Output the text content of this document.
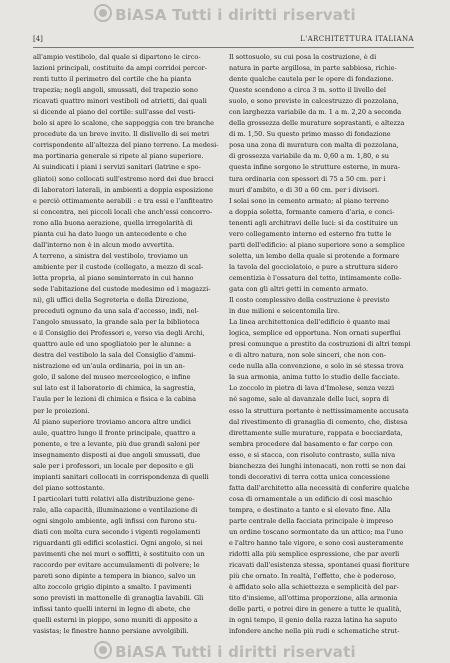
BiASA Tutti i diritti riservati
[4]	L'ARCHITETTURA ITALIANA
all'ampio vestibolo, dal quale si dipartono le circo-
lazioni principali, costituite da ampi corridoi percor-
renti tutto il perimetro del cortile che ha pianta
trapezia; negli angoli, smussati, del trapezio sono
ricavati quattro minori vestiboli od atrietti, dai quali
si dicende al piano del cortile: sull'asse del vesti-
bolo si apre lo scalone, che sappoggia con tre branche
procedute da un breve invito. Il dislivello di sei metri
corrispondente all'altezza del piano terreno. La medesi-
ma portinaria generale si ripete al piano superiore.
Ai suindicati i piani i servizi sanitari (latrine e spo-
gliatoi) sono collocati sull'estremo nord dei due bracci
di laboratori laterali, in ambienti a doppia esposizione
e perciò ottimamente aerabili : e tra essi e l'anfiteatro
si concentra, nei piccoli locali che anch'essi concorro-
rono alla buona aerazione, quella irregolarità di
pianta cui ha dato luogo un antecedente e che
dall'interno non è in alcun modo avvertita.
A terreno, a sinistra del vestibolo, troviamo un
ambiente per il custode (collegato, a mezzo di scal-
letta propria, al piano seminterrato in cui hanno
sede l'abitazione del custode medesimo ed i magazzi-
ni), gli uffici della Segreteria e della Direzione,
preceduti ognuno da una sala d'accesso, indi, nel-
l'angolo smussato, la grande sala per la biblioteca
e il Consiglio dei Professori e, verso via degli Archi,
quattro aule ed uno spogliatoio per le alunne: a
destra del vestibolo la sala del Consiglio d'ammi-
nistrazione ed un'aula ordinaria, poi in un an-
golo, il salone del museo merceologico, e infine
sul lato est il laboratorio di chimica, la sagrestia,
l'aula per le lezioni di chimica e fisica e la cabina
per le proiezioni.
Al piano superiore troviamo ancora altre undici
aule, quattro lungo il fronte principale, quattro a
ponente, e tre a levante, più due grandi saloni per
insegnamento disposti ai due angoli smussati, due
sale per i professori, un locale per deposito e gli
impianti sanitari collocati in corrispondenza di quelli
del piano sottostante.
I particolari tutti relativi alla distribuzione gene-
rale, alla capacità, illuminazione e ventilazione di
ogni singolo ambiente, agli infissi con furono stu-
diati con molta cura secondo i vigenti regolamenti
riguardanti gli edifici scolastici. Ogni angolo, si nei
pavimenti che nei muri o soffitti, è sostituito con un
raccordo per evitare accumulamenti di polvere; le
pareti sono dipinte a tempera in bianco, salvo un
alto zoccolo grigio dipinto a smalto. I pavimenti
sono previsti in mattonelle di granaglia lavabili. Gli
infissi tanto quelli interni in legno di abete, che
quelli esterni in pioppo, sono muniti di apposito a
vasistas; le finestre hanno persiane avvolgibili.
Il sottosuolo, su cui posa la costruzione, è di
natura in parte argillosa, in parte sabbiosa, richie-
dente qualche cautela per le opere di fondazione.
Queste scendono a circa 3 m. sotto il livello del
suolo, e sono previste in calcestruzzo di pozzolana,
con larghezza variabile da m. 1 a m. 2,20 a seconda
della grossezza delle murature soprastanti, e altezza
di m. 1,50. Su questo primo masso di fondazione
posa una zona di muratura con malta di pozzolana,
di grossezza variabile da m. 0,60 a m. 1,80, e su
questa infine sorgono le strutture esterne, in mura-
tura ordinaria con spessori di 75 a 50 cm. per i
muri d'ambito, e di 30 a 60 cm. per i divisori.
I solai sono in cemento armato; al piano terreno
a doppia soletta, formante camera d'aria, e conci-
tenenti agli architravi delle luci: si da costituire un
vero collegamento interno ed esterno fra tutte le
parti dell'edificio: al piano superiore sono a semplice
soletta, un lembo della quale si protende a formare
la tavola del gocciolatoio, e pure a struttura sidero
cementizia è l'ossatura del tetto, intimamente colle-
gata con gli altri getti in cemento armato.
Il costo complessivo della costruzione è previsto
in due milioni e seicentomila lire.
La linea architettonica dell'edificio è quanto mai
logica, semplice ed opportuna. Non ornati superflui
presi comunque a prestito da costruzioni di altri tempi
e di altro natura, non sole sinceri, che non con-
cede nulla alla convenzione, e solo in sé stessa trova
la sua armonia, anima tutto lo studio delle facciate.
Lo zoccolo in pietra di lava d'Imolese, senza vezzi
né sagome, sale al davanzale delle luci, sopra di
esso la struttura portante è nettissimamente accusata
dal rivestimento di granaglia di cemento, che, distesa
direttamente sulle murature, rappata e bocciardata,
sembra procedere dal basamento e far corpo con
esso, e si stacca, con risoluto contrasto, sulla niva
bianchezza dei lunghi intonacati, non rotti se non dai
tondi decorativi di terra cotta unica concessione
fatta dall'architetto alla necessità di conferire qualche
cosa di ornamentale a un edificio di così maschio
tempra, e destinato a tanto e sì elevato fine. Alla
parte centrale della facciata principale è impreso
un ordine toscano sormontato da un attico; ma l'uno
e l'altro hanno tale vigore, e sono così austeramente
ridotti alla più semplice espressione, che par averli
ricavati dall'esistenza stessa, spontanei quasi fioriture
più che ornato. In realtà, l'effetto, che è poderoso,
è affidato solo alla schiettezza e semplicità del par-
tito d'insieme, all'ottima proporzione, alla armonia
delle parti, e potrei dire in genere a tutte le qualità,
in ogni tempo, il genio della razza latina ha saputo
infondere anche nella più rudi e schematiche strut-
BiASA Tutti i diritti riservati
